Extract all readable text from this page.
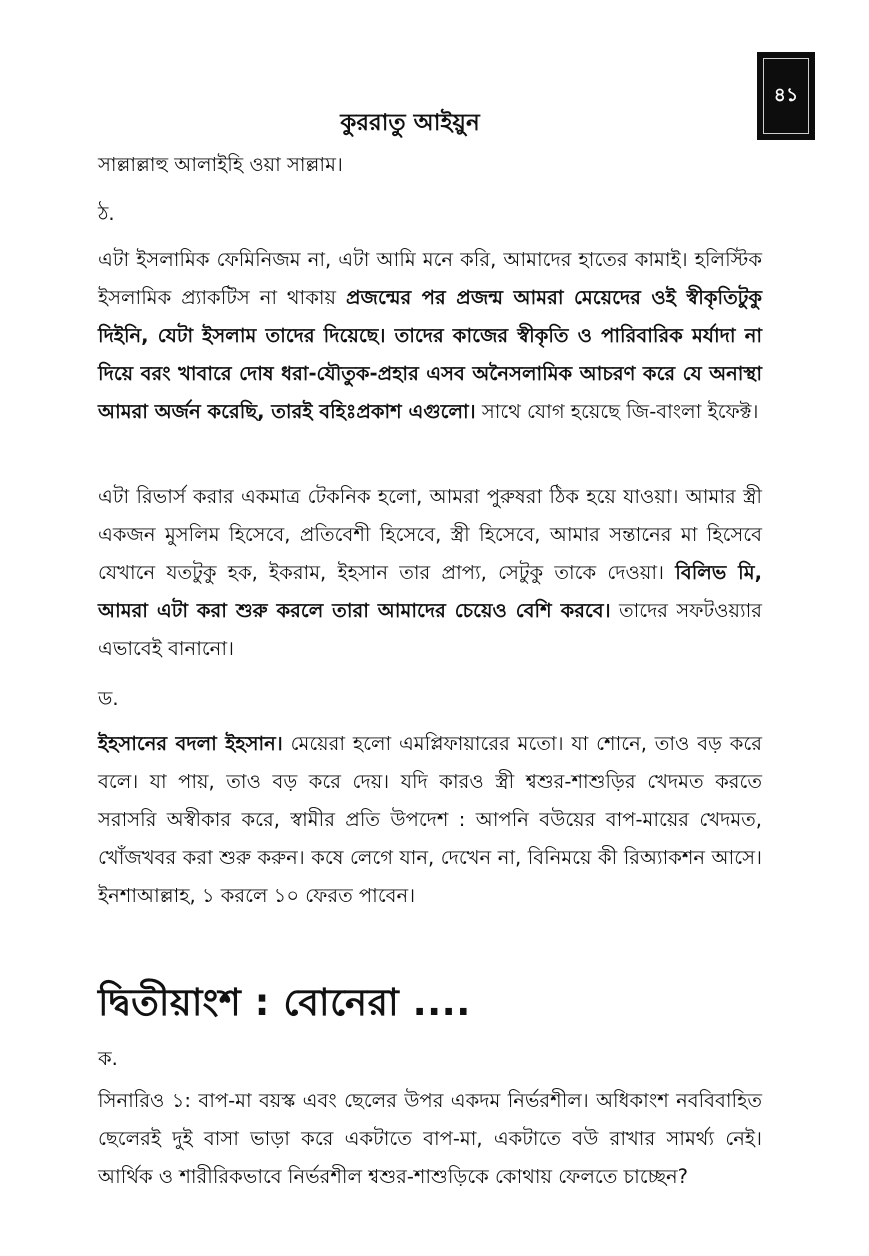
৪১
কুররাতু আইয়ুন
সাল্লাল্লাহু আলাইহি ওয়া সাল্লাম।
ঠ.
এটা ইসলামিক ফেমিনিজম না, এটা আমি মনে করি, আমাদের হাতের কামাই। হলিস্টিক ইসলামিক প্র্যাকটিস না থাকায় প্রজন্মের পর প্রজন্ম আমরা মেয়েদের ওই স্বীকৃতিটুকু দিইনি, যেটা ইসলাম তাদের দিয়েছে। তাদের কাজের স্বীকৃতি ও পারিবারিক মর্যাদা না দিয়ে বরং খাবারে দোষ ধরা-যৌতুক-প্রহার এসব অনৈসলামিক আচরণ করে যে অনাস্থা আমরা অর্জন করেছি, তারই বহিঃপ্রকাশ এগুলো। সাথে যোগ হয়েছে জি-বাংলা ইফেক্ট।
এটা রিভার্স করার একমাত্র টেকনিক হলো, আমরা পুরুষরা ঠিক হয়ে যাওয়া। আমার স্ত্রী একজন মুসলিম হিসেবে, প্রতিবেশী হিসেবে, স্ত্রী হিসেবে, আমার সন্তানের মা হিসেবে যেখানে যতটুকু হক, ইকরাম, ইহসান তার প্রাপ্য, সেটুকু তাকে দেওয়া। বিলিভ মি, আমরা এটা করা শুরু করলে তারা আমাদের চেয়েও বেশি করবে। তাদের সফটওয়্যার এভাবেই বানানো।
ড.
ইহসানের বদলা ইহসান। মেয়েরা হলো এমপ্লিফায়ারের মতো। যা শোনে, তাও বড় করে বলে। যা পায়, তাও বড় করে দেয়। যদি কারও স্ত্রী শ্বশুর-শাশুড়ির খেদমত করতে সরাসরি অস্বীকার করে, স্বামীর প্রতি উপদেশ : আপনি বউয়ের বাপ-মায়ের খেদমত, খোঁজখবর করা শুরু করুন। কষে লেগে যান, দেখেন না, বিনিময়ে কী রিঅ্যাকশন আসে। ইনশাআল্লাহ, ১ করলে ১০ ফেরত পাবেন।
দ্বিতীয়াংশ : বোনেরা ....
ক.
সিনারিও ১: বাপ-মা বয়স্ক এবং ছেলের উপর একদম নির্ভরশীল। অধিকাংশ নববিবাহিত ছেলেরই দুই বাসা ভাড়া করে একটাতে বাপ-মা, একটাতে বউ রাখার সামর্থ্য নেই। আর্থিক ও শারীরিকভাবে নির্ভরশীল শ্বশুর-শাশুড়িকে কোথায় ফেলতে চাচ্ছেন?
